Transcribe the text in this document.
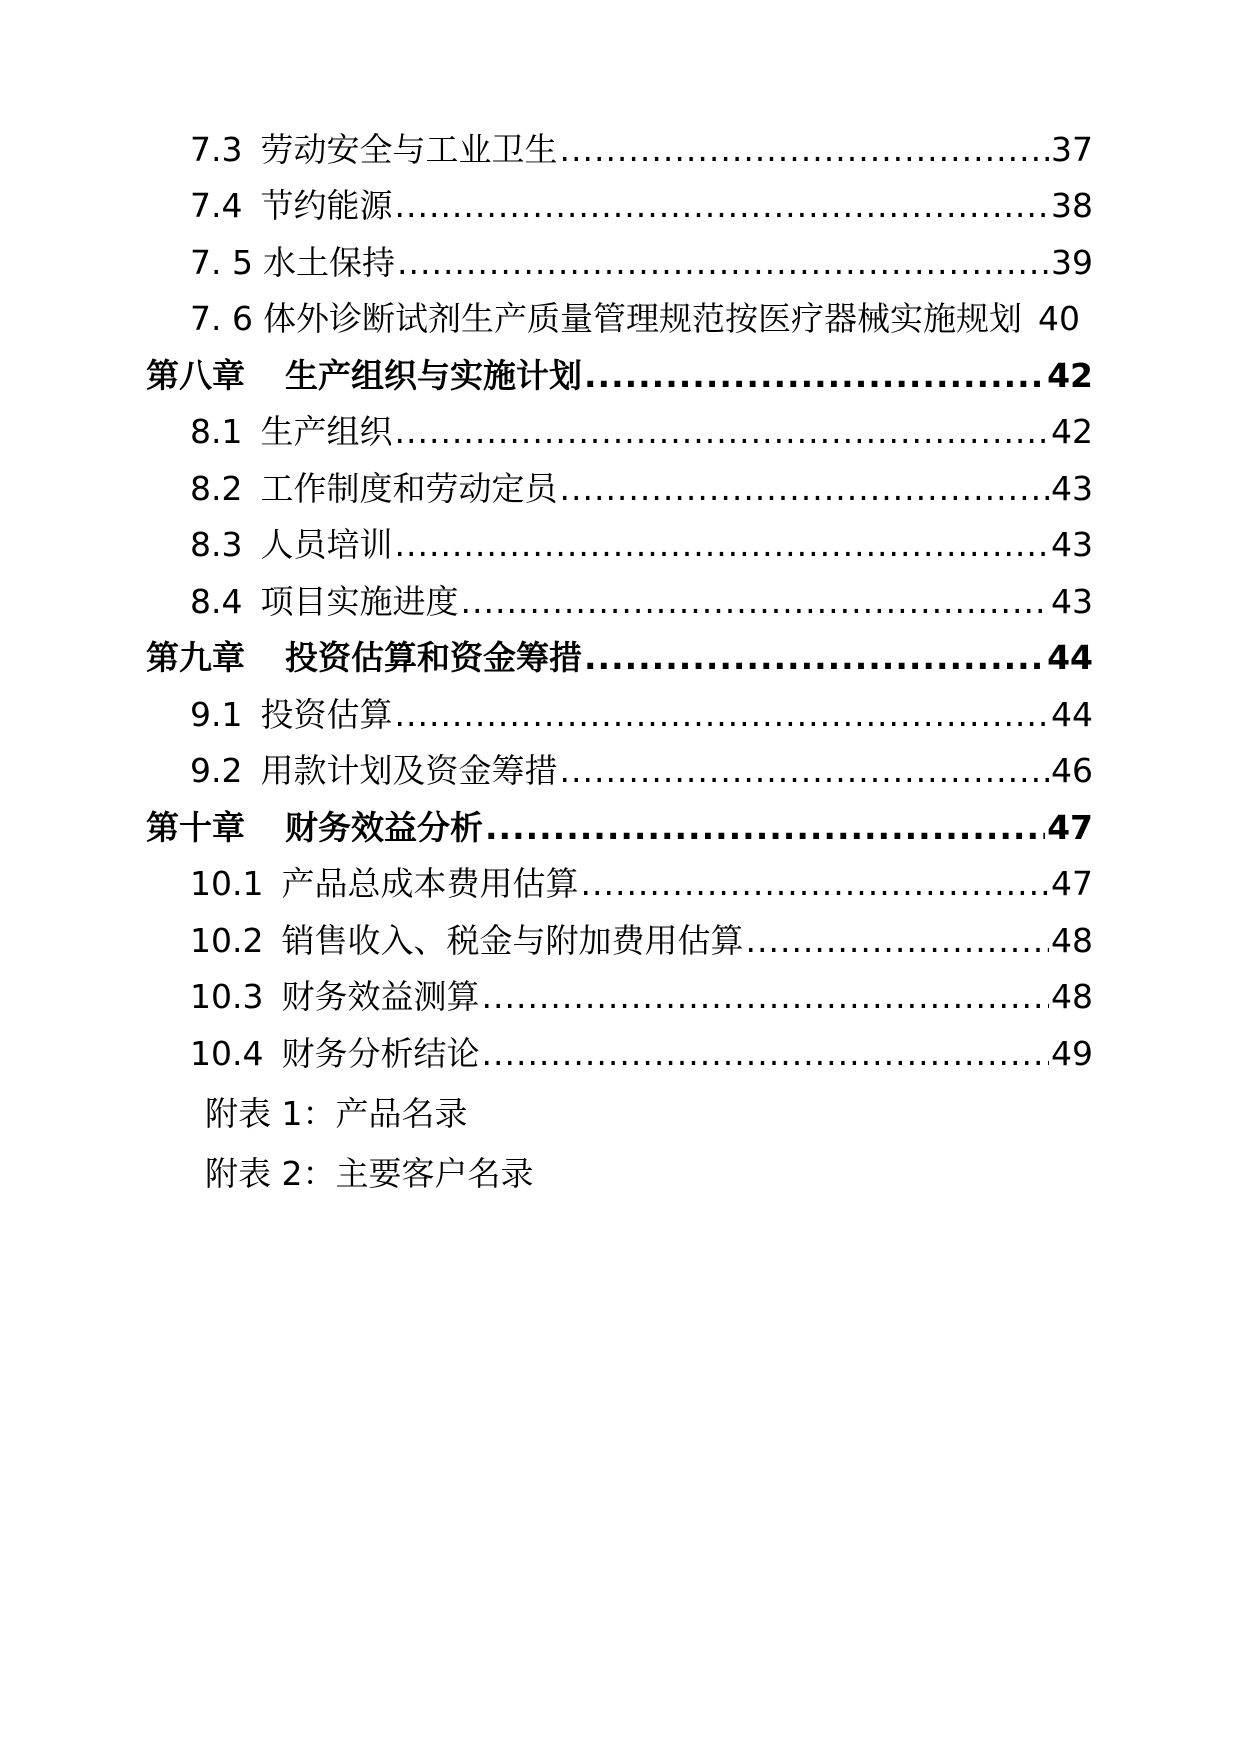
7.3 劳动安全与工业卫生 .....	37
7.4 节约能源 .....	38
7. 5 水土保持 .....	39
7. 6 体外诊断试剂生产质量管理规范按医疗器械实施规划 40
第八章 生产组织与实施计划 .....	42
8.1 生产组织 .....	42
8.2 工作制度和劳动定员 .....	43
8.3 人员培训 .....	43
8.4 项目实施进度 .....	43
第九章 投资估算和资金筹措 .....	44
9.1 投资估算 .....	44
9.2 用款计划及资金筹措 .....	46
第十章 财务效益分析 .....	47
10.1 产品总成本费用估算 .....	47
10.2 销售收入、税金与附加费用估算 .....	48
10.3 财务效益测算 .....	48
10.4 财务分析结论 .....	49
附表 1：产品名录
附表 2：主要客户名录
